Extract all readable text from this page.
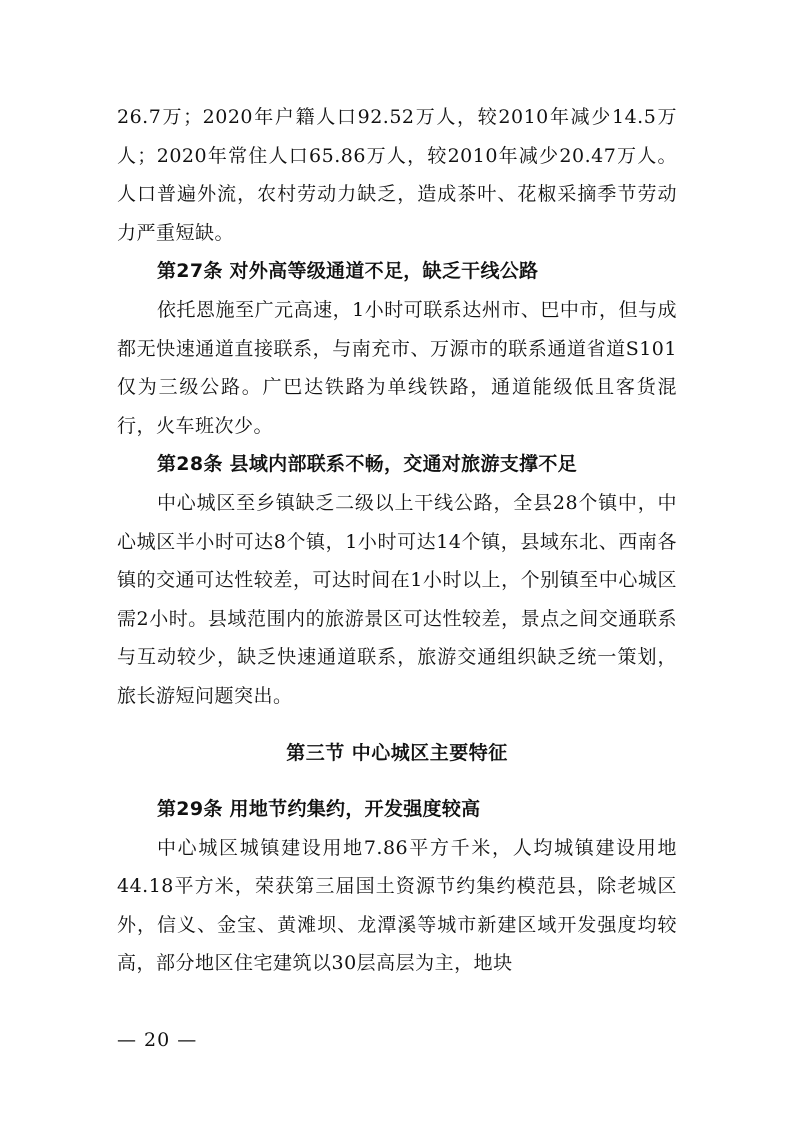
26.7万；2020年户籍人口92.52万人，较2010年减少14.5万人；2020年常住人口65.86万人，较2010年减少20.47万人。人口普遍外流，农村劳动力缺乏，造成茶叶、花椒采摘季节劳动力严重短缺。

第27条 对外高等级通道不足，缺乏干线公路

依托恩施至广元高速，1小时可联系达州市、巴中市，但与成都无快速通道直接联系，与南充市、万源市的联系通道省道S101仅为三级公路。广巴达铁路为单线铁路，通道能级低且客货混行，火车班次少。

第28条 县域内部联系不畅，交通对旅游支撑不足

中心城区至乡镇缺乏二级以上干线公路，全县28个镇中，中心城区半小时可达8个镇，1小时可达14个镇，县域东北、西南各镇的交通可达性较差，可达时间在1小时以上，个别镇至中心城区需2小时。县域范围内的旅游景区可达性较差，景点之间交通联系与互动较少，缺乏快速通道联系，旅游交通组织缺乏统一策划，旅长游短问题突出。

第三节 中心城区主要特征

第29条 用地节约集约，开发强度较高

中心城区城镇建设用地7.86平方千米，人均城镇建设用地44.18平方米，荣获第三届国土资源节约集约模范县，除老城区外，信义、金宝、黄滩坝、龙潭溪等城市新建区域开发强度均较高，部分地区住宅建筑以30层高层为主，地块

— 20 —
